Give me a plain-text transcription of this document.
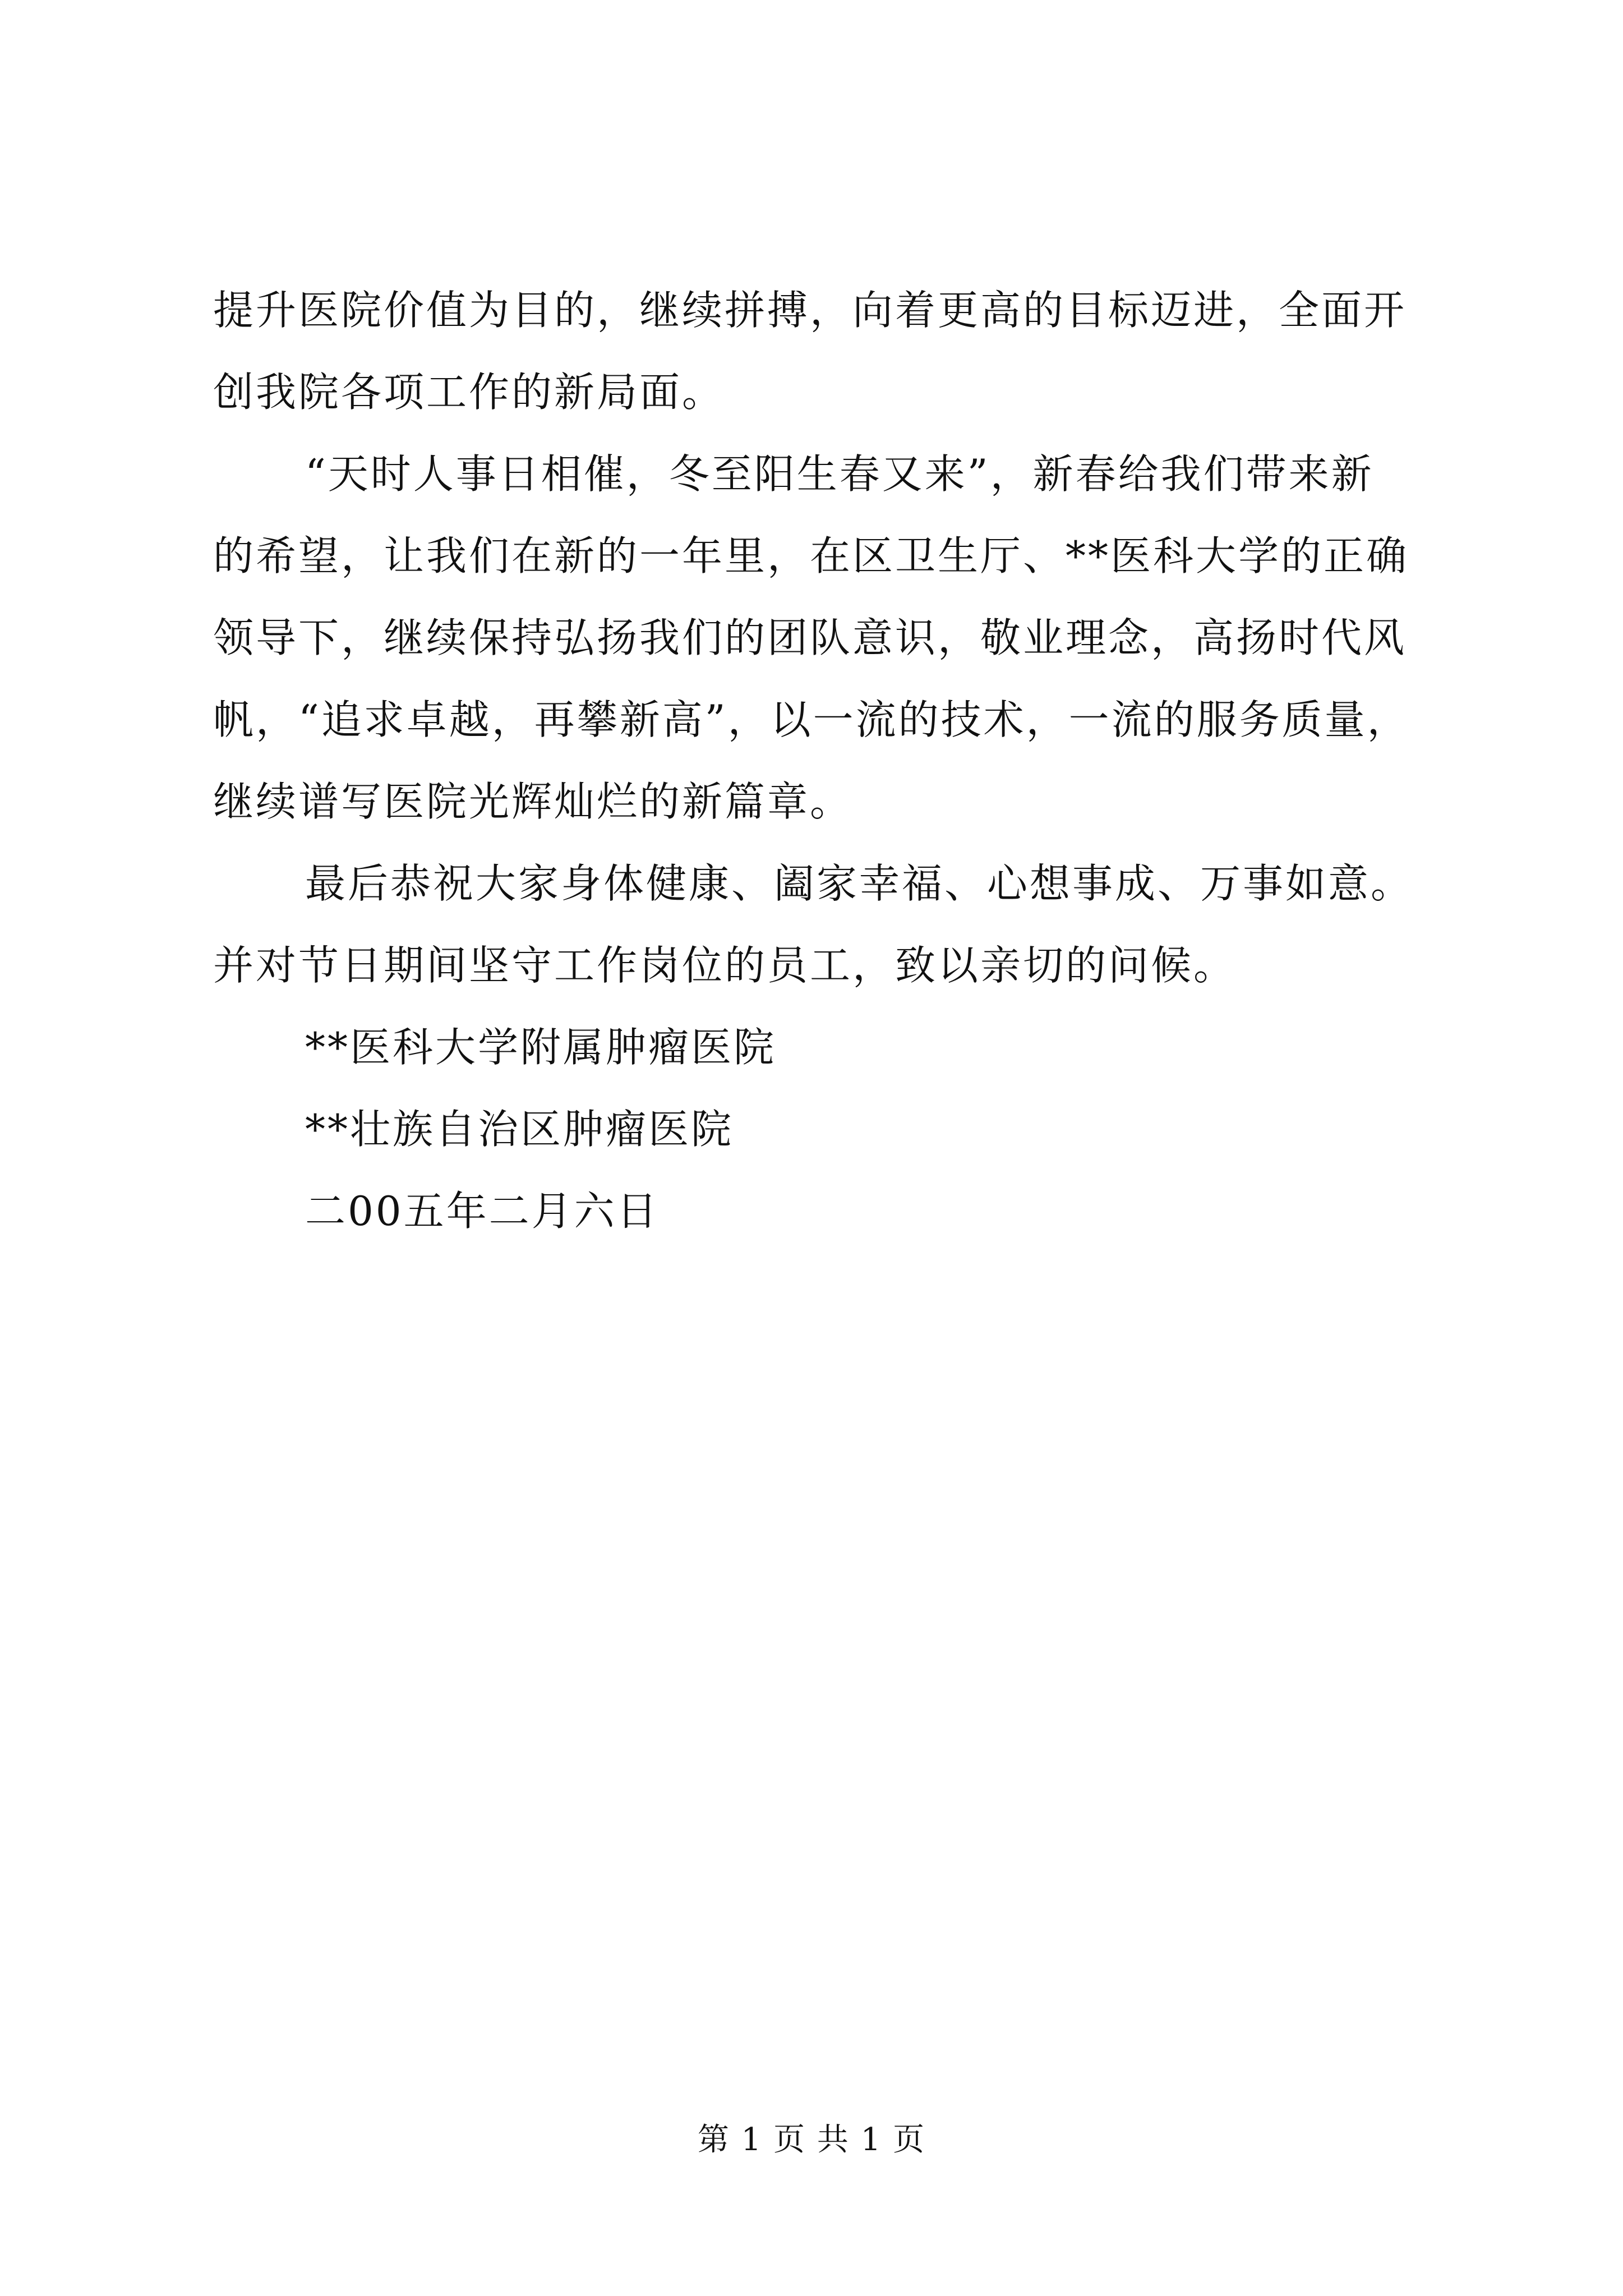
提升医院价值为目的，继续拼搏，向着更高的目标迈进，全面开
创我院各项工作的新局面。
“天时人事日相催，冬至阳生春又来”，新春给我们带来新
的希望，让我们在新的一年里，在区卫生厅、**医科大学的正确
领导下，继续保持弘扬我们的团队意识，敬业理念，高扬时代风
帆，“追求卓越，再攀新高”，以一流的技术，一流的服务质量，
继续谱写医院光辉灿烂的新篇章。
最后恭祝大家身体健康、阖家幸福、心想事成、万事如意。
并对节日期间坚守工作岗位的员工，致以亲切的问候。
**医科大学附属肿瘤医院
**壮族自治区肿瘤医院
二00五年二月六日
第 1 页 共 1 页
